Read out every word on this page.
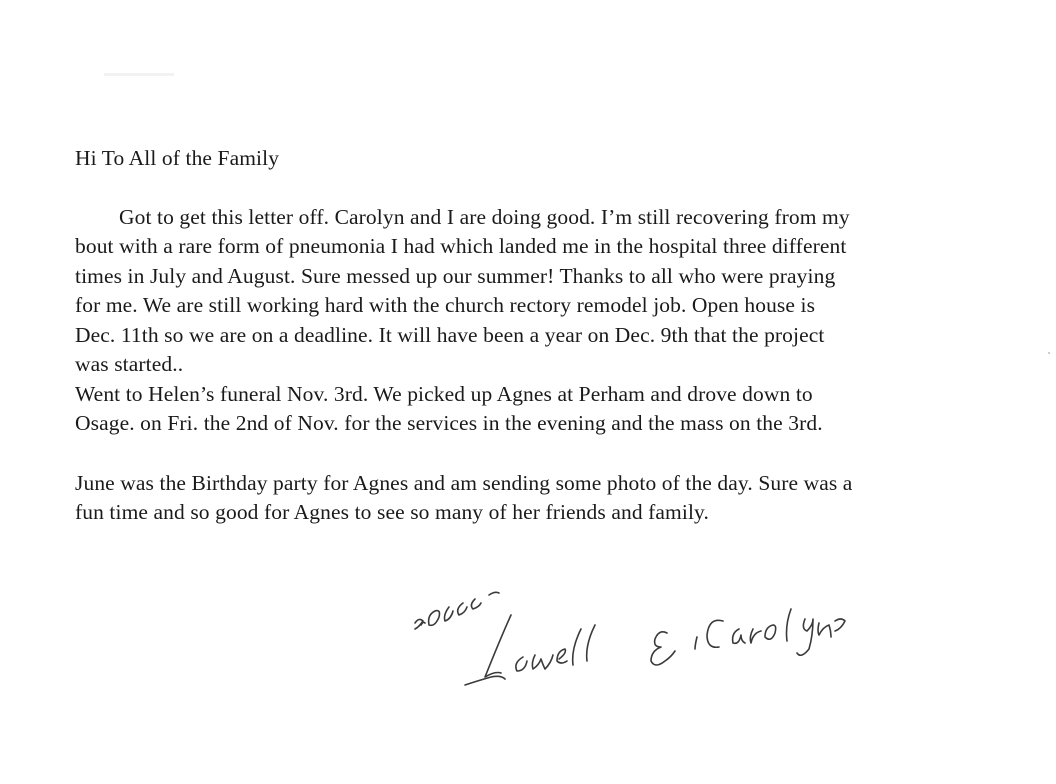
Hi To All of the Family
Got to get this letter off. Carolyn and I are doing good. I’m still recovering from my
bout with a rare form of pneumonia I had which landed me in the hospital three different
times in July and August. Sure messed up our summer! Thanks to all who were praying
for me. We are still working hard with the church rectory remodel job. Open house is
Dec. 11th so we are on a deadline. It will have been a year on Dec. 9th that the project
was started..
Went to Helen’s funeral Nov. 3rd. We picked up Agnes at Perham and drove down to
Osage. on Fri. the 2nd of Nov. for the services in the evening and the mass on the 3rd.
June was the Birthday party for Agnes and am sending some photo of the day. Sure was a
fun time and so good for Agnes to see so many of her friends and family.
